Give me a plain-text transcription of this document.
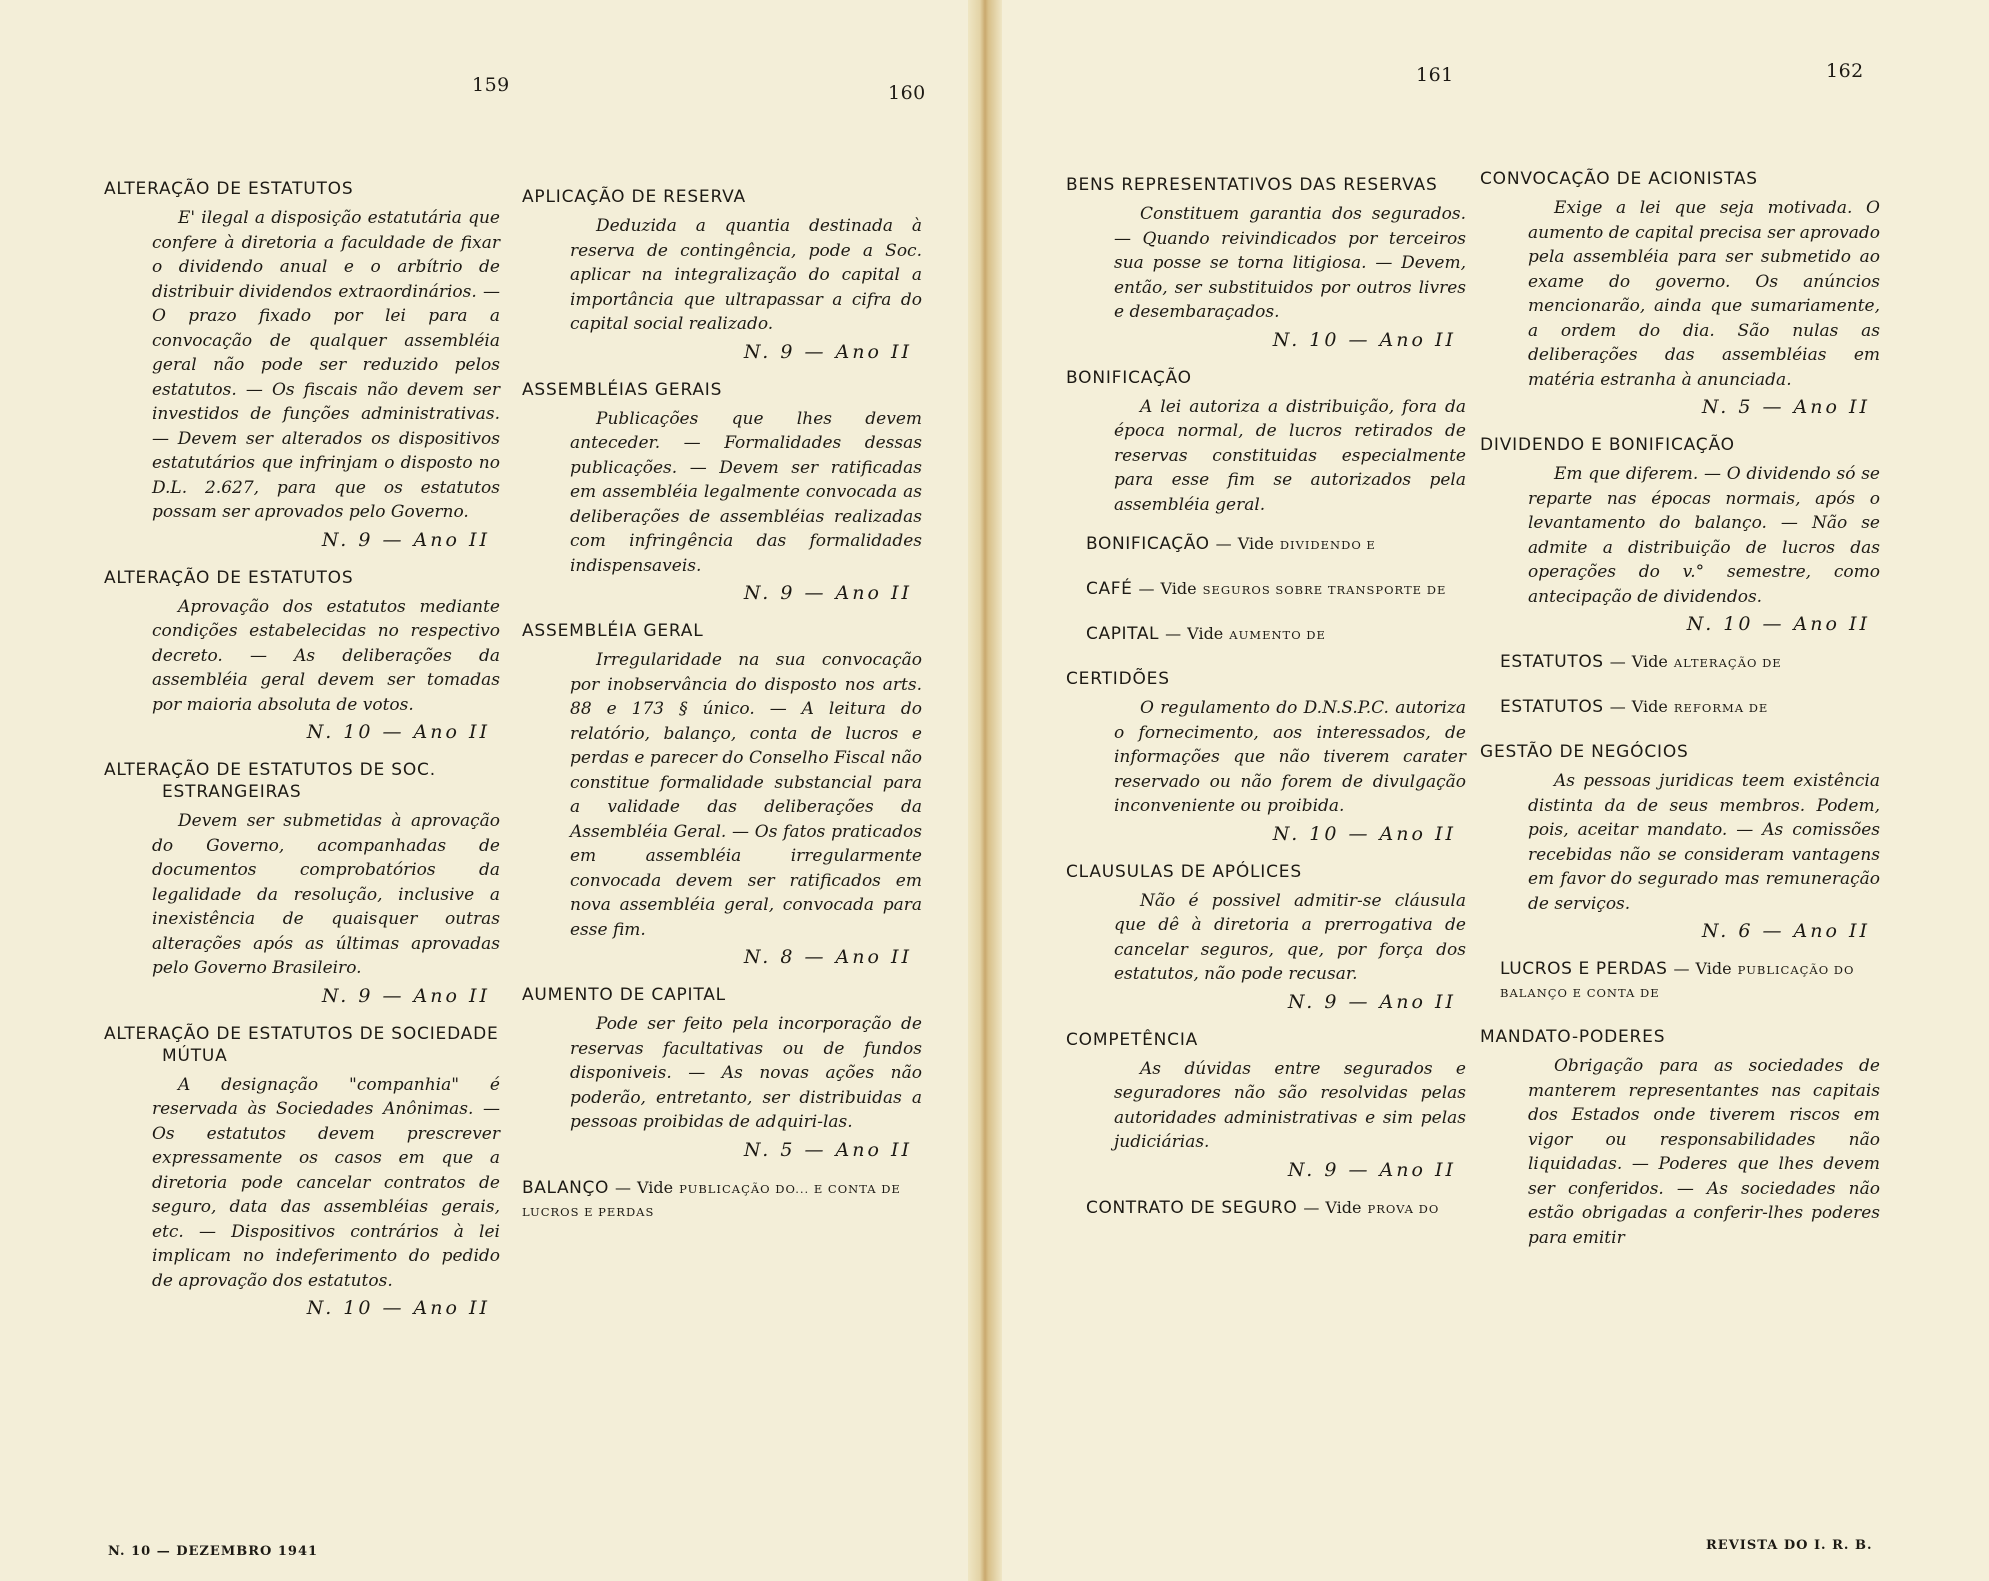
159	160
161	162
ALTERAÇÃO DE ESTATUTOS
E' ilegal a disposição estatutária que confere à diretoria a faculdade de fixar o dividendo anual e o arbítrio de distribuir dividendos extraordinários. — O prazo fixado por lei para a convocação de qualquer assembléia geral não pode ser reduzido pelos estatutos. — Os fiscais não devem ser investidos de funções administrativas. — Devem ser alterados os dispositivos estatutários que infrinjam o disposto no D.L. 2.627, para que os estatutos possam ser aprovados pelo Governo.
N. 9 — Ano II
ALTERAÇÃO DE ESTATUTOS
Aprovação dos estatutos mediante condições estabelecidas no respectivo decreto. — As deliberações da assembléia geral devem ser tomadas por maioria absoluta de votos.
N. 10 — Ano II
ALTERAÇÃO DE ESTATUTOS DE SOC. ESTRANGEIRAS
Devem ser submetidas à aprovação do Governo, acompanhadas de documentos comprobatórios da legalidade da resolução, inclusive a inexistência de quaisquer outras alterações após as últimas aprovadas pelo Governo Brasileiro.
N. 9 — Ano II
ALTERAÇÃO DE ESTATUTOS DE SOCIEDADE MÚTUA
A designação "companhia" é reservada às Sociedades Anônimas. — Os estatutos devem prescrever expressamente os casos em que a diretoria pode cancelar contratos de seguro, data das assembléias gerais, etc. — Dispositivos contrários à lei implicam no indeferimento do pedido de aprovação dos estatutos.
N. 10 — Ano II
APLICAÇÃO DE RESERVA
Deduzida a quantia destinada à reserva de contingência, pode a Soc. aplicar na integralização do capital a importância que ultrapassar a cifra do capital social realizado.
N. 9 — Ano II
ASSEMBLÉIAS GERAIS
Publicações que lhes devem anteceder. — Formalidades dessas publicações. — Devem ser ratificadas em assembléia legalmente convocada as deliberações de assembléias realizadas com infringência das formalidades indispensaveis.
N. 9 — Ano II
ASSEMBLÉIA GERAL
Irregularidade na sua convocação por inobservância do disposto nos arts. 88 e 173 § único. — A leitura do relatório, balanço, conta de lucros e perdas e parecer do Conselho Fiscal não constitue formalidade substancial para a validade das deliberações da Assembléia Geral. — Os fatos praticados em assembléia irregularmente convocada devem ser ratificados em nova assembléia geral, convocada para esse fim.
N. 8 — Ano II
AUMENTO DE CAPITAL
Pode ser feito pela incorporação de reservas facultativas ou de fundos disponiveis. — As novas ações não poderão, entretanto, ser distribuidas a pessoas proibidas de adquiri-las.
N. 5 — Ano II
BALANÇO — Vide PUBLICAÇÃO DO... E CONTA DE LUCROS E PERDAS
BENS REPRESENTATIVOS DAS RESERVAS
Constituem garantia dos segurados. — Quando reivindicados por terceiros sua posse se torna litigiosa. — Devem, então, ser substituidos por outros livres e desembaraçados.
N. 10 — Ano II
BONIFICAÇÃO
A lei autoriza a distribuição, fora da época normal, de lucros retirados de reservas constituidas especialmente para esse fim se autorizados pela assembléia geral.
BONIFICAÇÃO — Vide DIVIDENDO E
CAFÉ — Vide SEGUROS SOBRE TRANSPORTE DE
CAPITAL — Vide AUMENTO DE
CERTIDÕES
O regulamento do D.N.S.P.C. autoriza o fornecimento, aos interessados, de informações que não tiverem carater reservado ou não forem de divulgação inconveniente ou proibida.
N. 10 — Ano II
CLAUSULAS DE APÓLICES
Não é possivel admitir-se cláusula que dê à diretoria a prerrogativa de cancelar seguros, que, por força dos estatutos, não pode recusar.
N. 9 — Ano II
COMPETÊNCIA
As dúvidas entre segurados e seguradores não são resolvidas pelas autoridades administrativas e sim pelas judiciárias.
N. 9 — Ano II
CONTRATO DE SEGURO — Vide PROVA DO
CONVOCAÇÃO DE ACIONISTAS
Exige a lei que seja motivada. O aumento de capital precisa ser aprovado pela assembléia para ser submetido ao exame do governo. Os anúncios mencionarão, ainda que sumariamente, a ordem do dia. São nulas as deliberações das assembléias em matéria estranha à anunciada.
N. 5 — Ano II
DIVIDENDO E BONIFICAÇÃO
Em que diferem. — O dividendo só se reparte nas épocas normais, após o levantamento do balanço. — Não se admite a distribuição de lucros das operações do v.° semestre, como antecipação de dividendos.
N. 10 — Ano II
ESTATUTOS — Vide ALTERAÇÃO DE
ESTATUTOS — Vide REFORMA DE
GESTÃO DE NEGÓCIOS
As pessoas juridicas teem existência distinta da de seus membros. Podem, pois, aceitar mandato. — As comissões recebidas não se consideram vantagens em favor do segurado mas remuneração de serviços.
N. 6 — Ano II
LUCROS E PERDAS — Vide PUBLICAÇÃO DO BALANÇO E CONTA DE
MANDATO-PODERES
Obrigação para as sociedades de manterem representantes nas capitais dos Estados onde tiverem riscos em vigor ou responsabilidades não liquidadas. — Poderes que lhes devem ser conferidos. — As sociedades não estão obrigadas a conferir-lhes poderes para emitir
N. 10 — DEZEMBRO 1941	REVISTA DO I. R. B.
